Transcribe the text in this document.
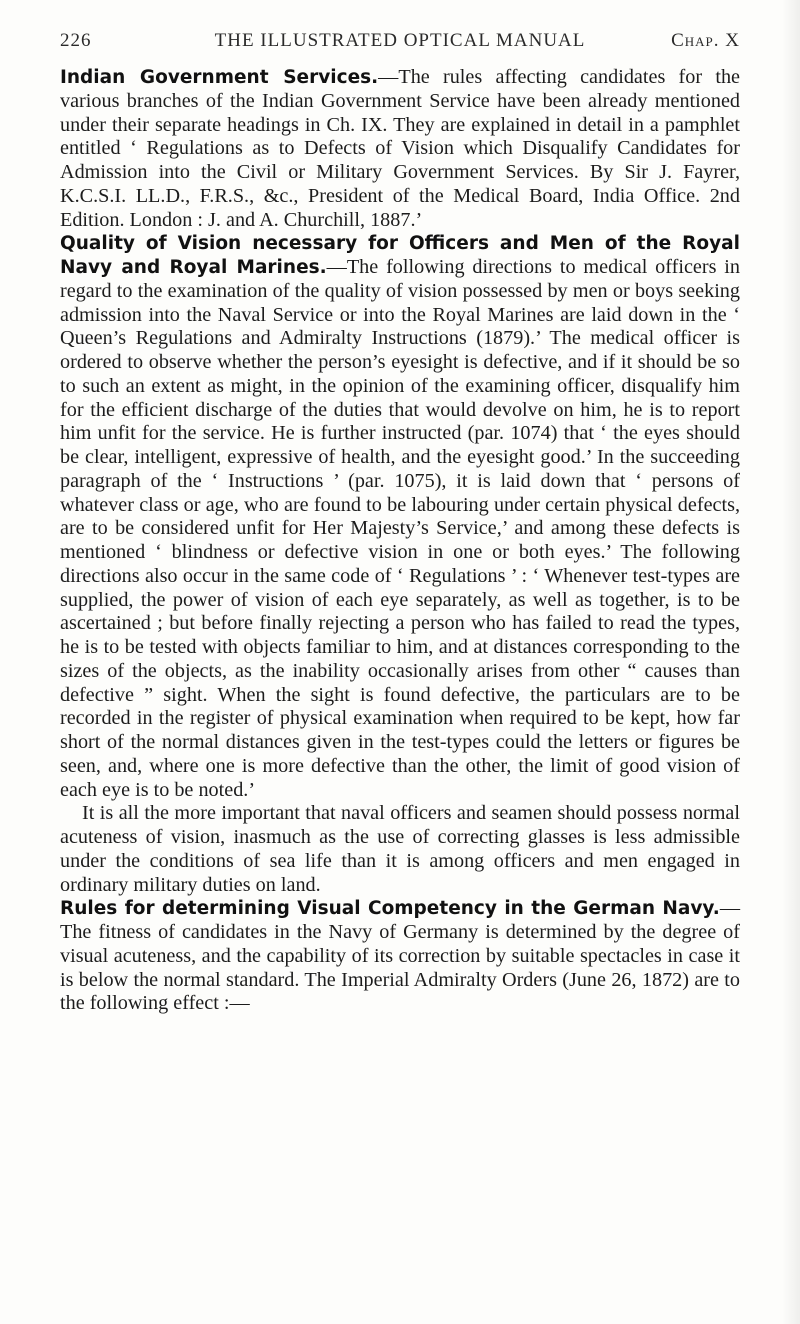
226	THE ILLUSTRATED OPTICAL MANUAL	Chap. X

Indian Government Services.—The rules affecting candidates for the various branches of the Indian Government Service have been already mentioned under their separate headings in Ch. IX. They are explained in detail in a pamphlet entitled ‘ Regulations as to Defects of Vision which Disqualify Candidates for Admission into the Civil or Military Government Services. By Sir J. Fayrer, K.C.S.I. LL.D., F.R.S., &c., President of the Medical Board, India Office. 2nd Edition. London : J. and A. Churchill, 1887.’

Quality of Vision necessary for Officers and Men of the Royal Navy and Royal Marines.—The following directions to medical officers in regard to the examination of the quality of vision possessed by men or boys seeking admission into the Naval Service or into the Royal Marines are laid down in the ‘ Queen’s Regulations and Admiralty Instructions (1879).’ The medical officer is ordered to observe whether the person’s eyesight is defective, and if it should be so to such an extent as might, in the opinion of the examining officer, disqualify him for the efficient discharge of the duties that would devolve on him, he is to report him unfit for the service. He is further instructed (par. 1074) that ‘ the eyes should be clear, intelligent, expressive of health, and the eyesight good.’ In the succeeding paragraph of the ‘ Instructions ’ (par. 1075), it is laid down that ‘ persons of whatever class or age, who are found to be labouring under certain physical defects, are to be considered unfit for Her Majesty’s Service,’ and among these defects is mentioned ‘ blindness or defective vision in one or both eyes.’ The following directions also occur in the same code of ‘ Regulations ’ : ‘ Whenever test-types are supplied, the power of vision of each eye separately, as well as together, is to be ascertained ; but before finally rejecting a person who has failed to read the types, he is to be tested with objects familiar to him, and at distances corresponding to the sizes of the objects, as the inability occasionally arises from other “ causes than defective ” sight. When the sight is found defective, the particulars are to be recorded in the register of physical examination when required to be kept, how far short of the normal distances given in the test-types could the letters or figures be seen, and, where one is more defective than the other, the limit of good vision of each eye is to be noted.’

It is all the more important that naval officers and seamen should possess normal acuteness of vision, inasmuch as the use of correcting glasses is less admissible under the conditions of sea life than it is among officers and men engaged in ordinary military duties on land.

Rules for determining Visual Competency in the German Navy.—The fitness of candidates in the Navy of Germany is determined by the degree of visual acuteness, and the capability of its correction by suitable spectacles in case it is below the normal standard. The Imperial Admiralty Orders (June 26, 1872) are to the following effect :—
